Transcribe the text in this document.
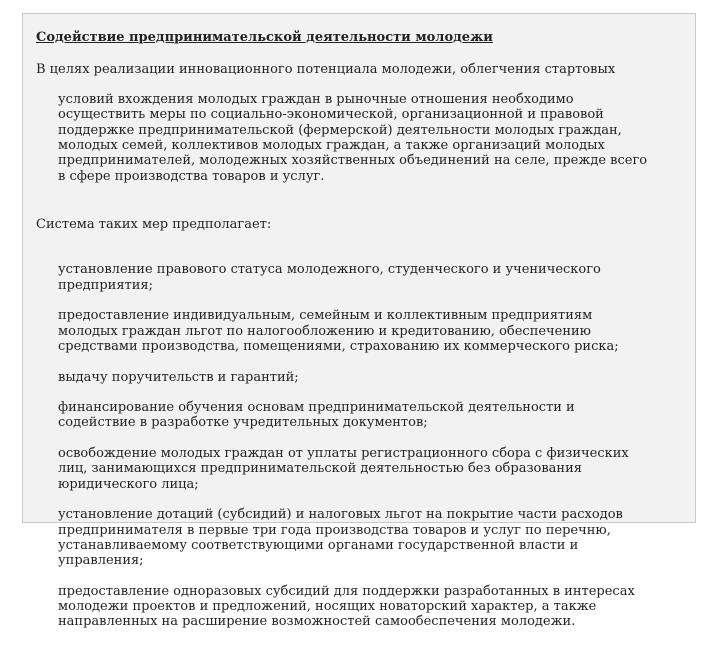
Содействие предпринимательской деятельности молодежи

В целях реализации инновационного потенциала молодежи, облегчения стартовых

условий вхождения молодых граждан в рыночные отношения необходимо
осуществить меры по социально-экономической, организационной и правовой
поддержке предпринимательской (фермерской) деятельности молодых граждан,
молодых семей, коллективов молодых граждан, а также организаций молодых
предпринимателей, молодежных хозяйственных объединений на селе, прежде всего
в сфере производства товаров и услуг.

Система таких мер предполагает:

установление правового статуса молодежного, студенческого и ученического
предприятия;

предоставление индивидуальным, семейным и коллективным предприятиям
молодых граждан льгот по налогообложению и кредитованию, обеспечению
средствами производства, помещениями, страхованию их коммерческого риска;

выдачу поручительств и гарантий;

финансирование обучения основам предпринимательской деятельности и
содействие в разработке учредительных документов;

освобождение молодых граждан от уплаты регистрационного сбора с физических
лиц, занимающихся предпринимательской деятельностью без образования
юридического лица;

установление дотаций (субсидий) и налоговых льгот на покрытие части расходов
предпринимателя в первые три года производства товаров и услуг по перечню,
устанавливаемому соответствующими органами государственной власти и
управления;

предоставление одноразовых субсидий для поддержки разработанных в интересах
молодежи проектов и предложений, носящих новаторский характер, а также
направленных на расширение возможностей самообеспечения молодежи.
